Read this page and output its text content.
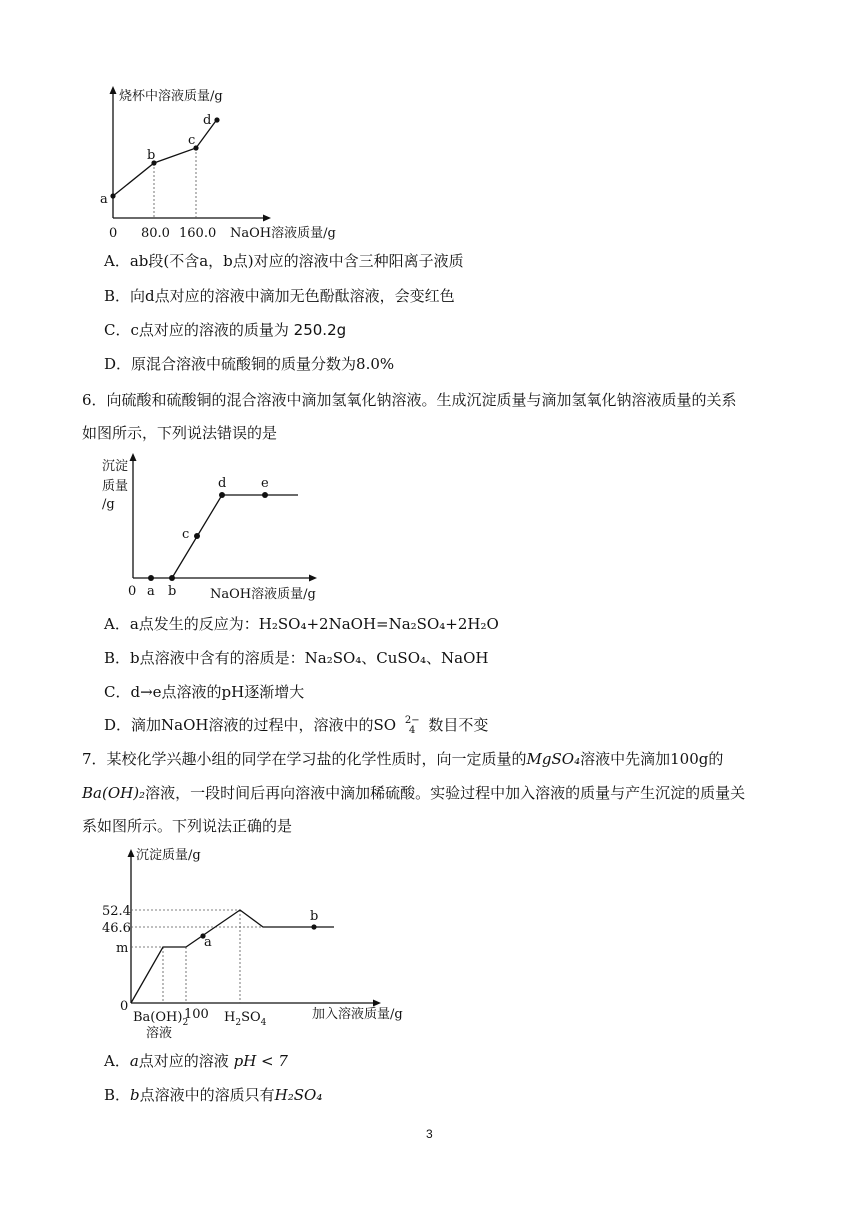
烧杯中溶液质量/g
a
b
c
d
0 80.0 160.0 NaOH溶液质量/g
A．ab段(不含a，b点)对应的溶液中含三种阳离子液质
B．向d点对应的溶液中滴加无色酚酞溶液，会变红色
C．c点对应的溶液的质量为 250.2g
D．原混合溶液中硫酸铜的质量分数为8.0%
6．向硫酸和硫酸铜的混合溶液中滴加氢氧化钠溶液。生成沉淀质量与滴加氢氧化钠溶液质量的关系
如图所示，下列说法错误的是
沉淀
质量
/g
a b
c
d	e
0	NaOH溶液质量/g
A．a点发生的反应为：H₂SO₄+2NaOH=Na₂SO₄+2H₂O
B．b点溶液中含有的溶质是：Na₂SO₄、CuSO₄、NaOH
C．d→e点溶液的pH逐渐增大
D．滴加NaOH溶液的过程中，溶液中的SO 2−
4 数目不变
7．某校化学兴趣小组的同学在学习盐的化学性质时，向一定质量的MgSO₄溶液中先滴加100g的
Ba(OH)₂溶液，一段时间后再向溶液中滴加稀硫酸。实验过程中加入溶液的质量与产生沉淀的质量关
系如图所示。下列说法正确的是
沉淀质量/g
a
b
52.4
46.6
m
0
$Ba(OH)_2$
溶液
100 $H_2SO_4$
加入溶液质量/g
A．a点对应的溶液 pH < 7
B．b点溶液中的溶质只有H₂SO₄
3
